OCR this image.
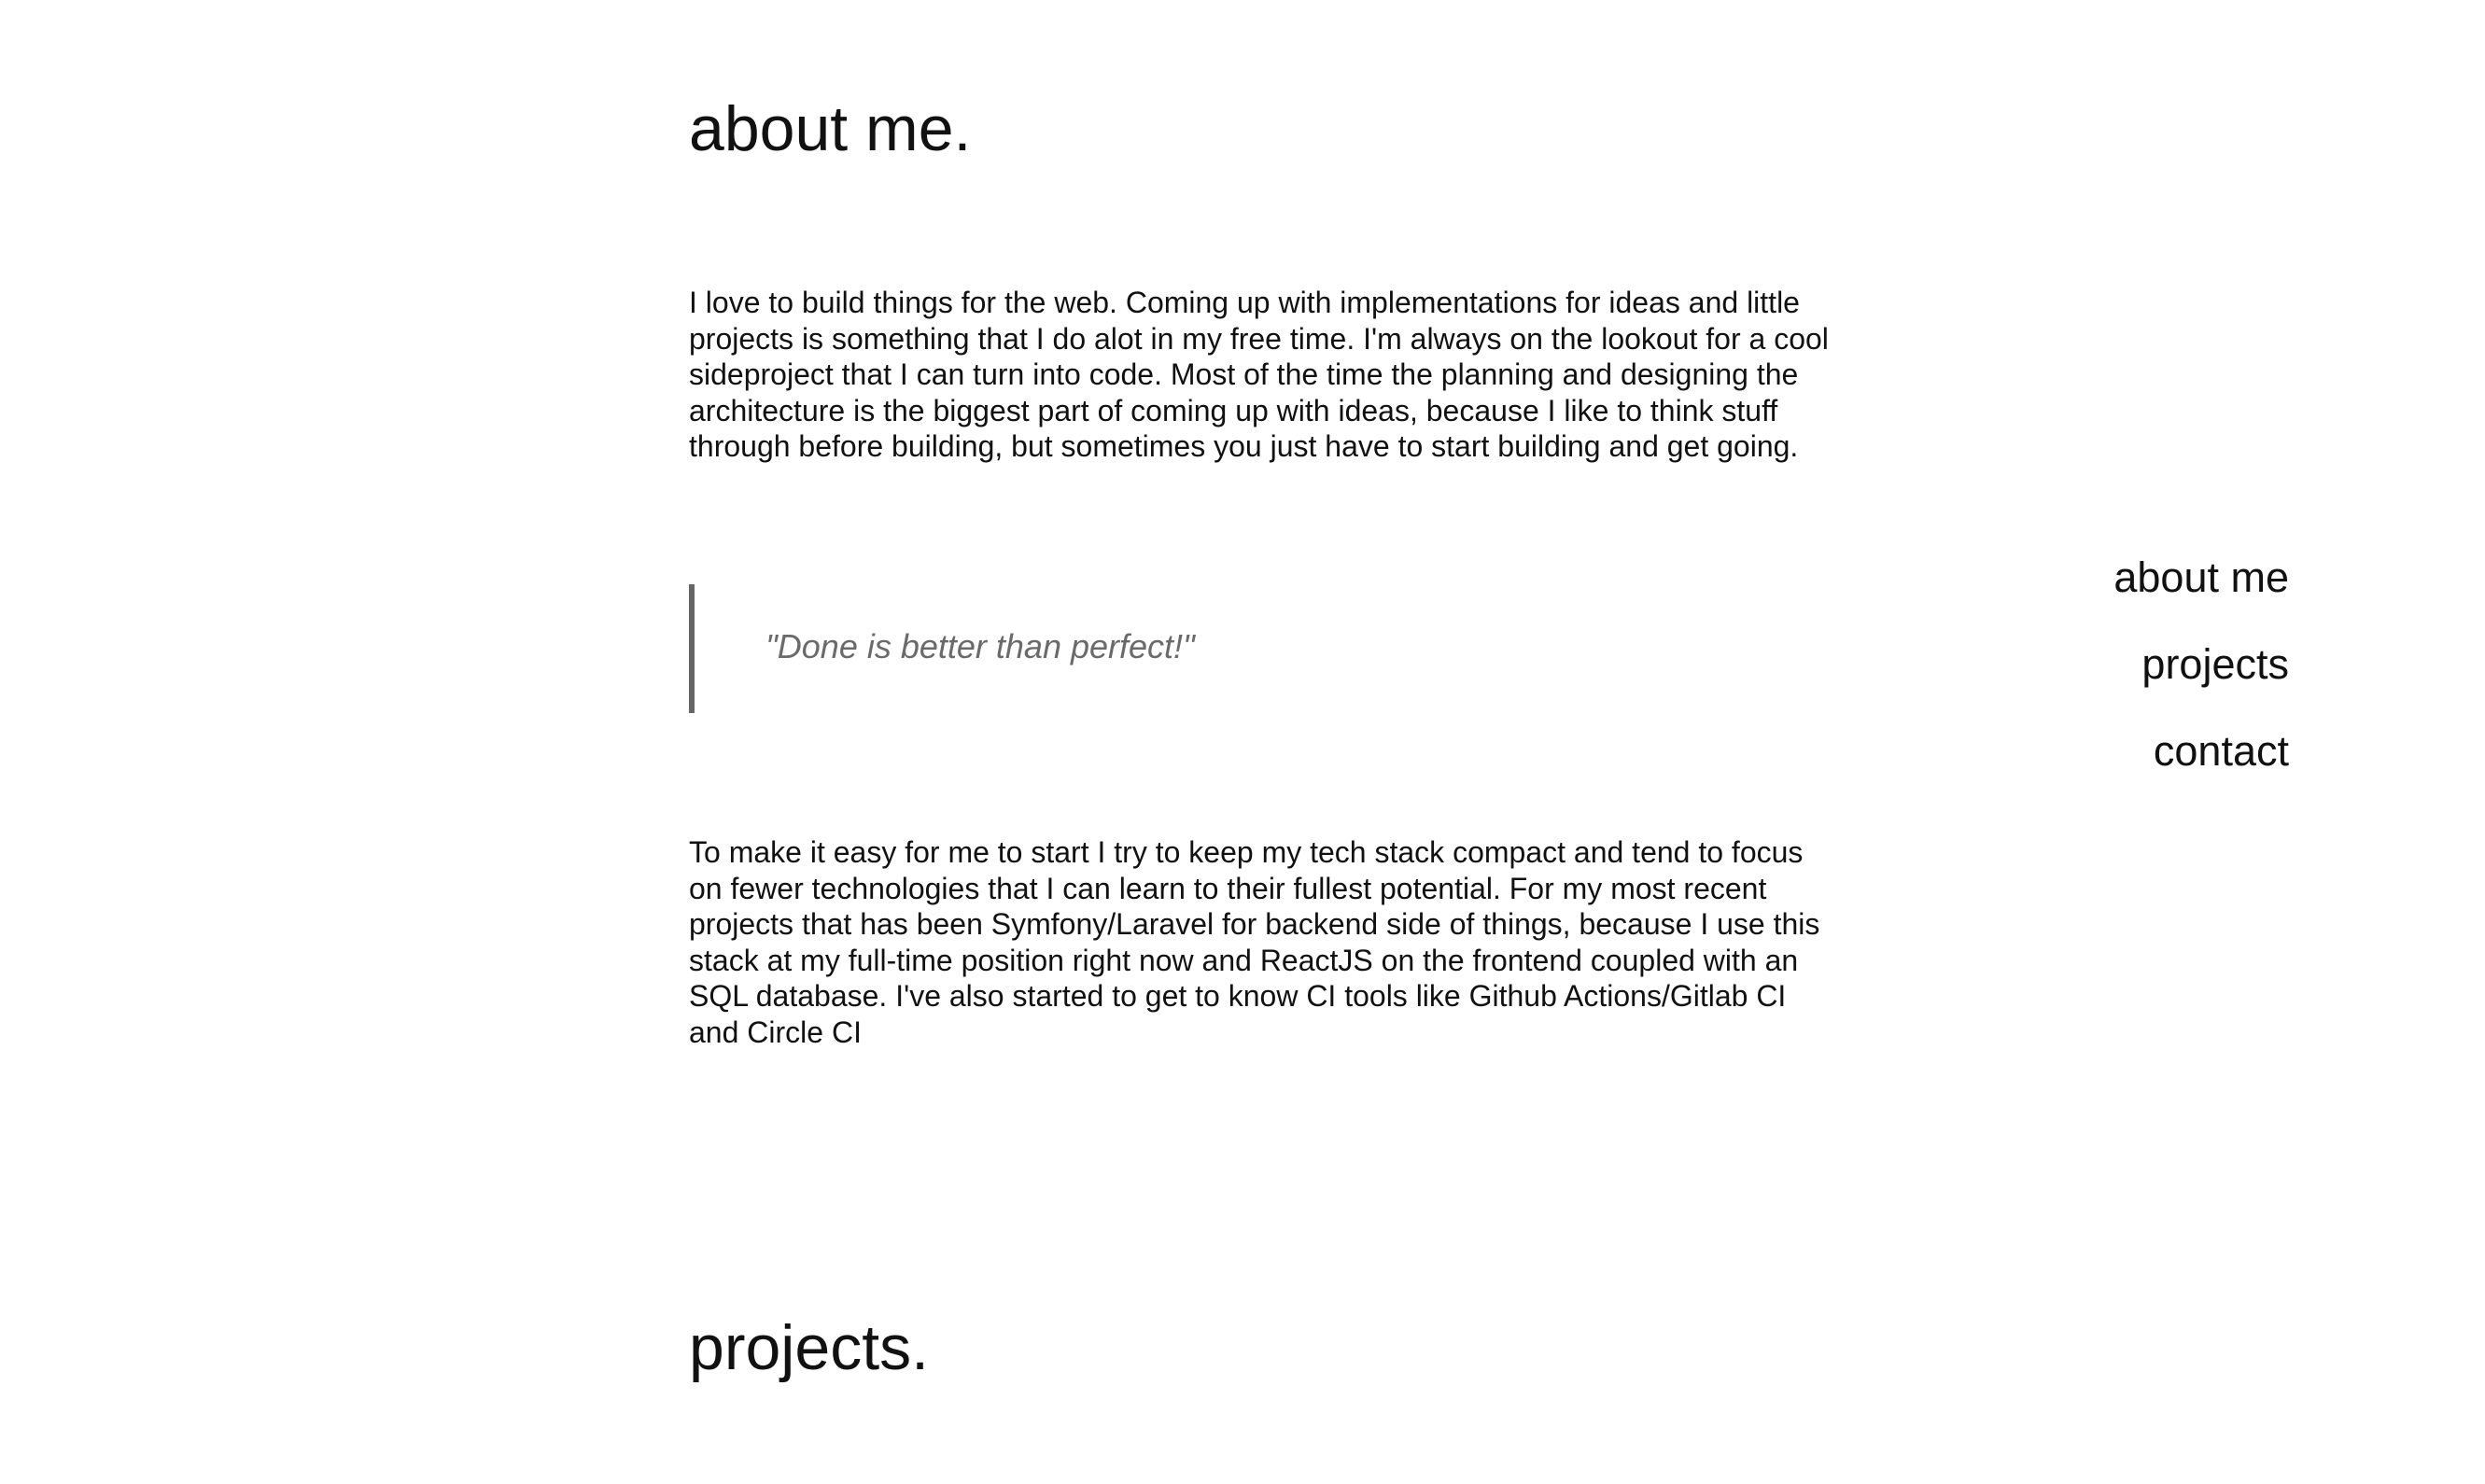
about me.

I love to build things for the web. Coming up with implementations for ideas and little projects is something that I do alot in my free time. I'm always on the lookout for a cool sideproject that I can turn into code. Most of the time the planning and designing the architecture is the biggest part of coming up with ideas, because I like to think stuff through before building, but sometimes you just have to start building and get going.

"Done is better than perfect!"

To make it easy for me to start I try to keep my tech stack compact and tend to focus on fewer technologies that I can learn to their fullest potential. For my most recent projects that has been Symfony/Laravel for backend side of things, because I use this stack at my full-time position right now and ReactJS on the frontend coupled with an SQL database. I've also started to get to know CI tools like Github Actions/Gitlab CI and Circle CI

projects.
about me
projects
contact
